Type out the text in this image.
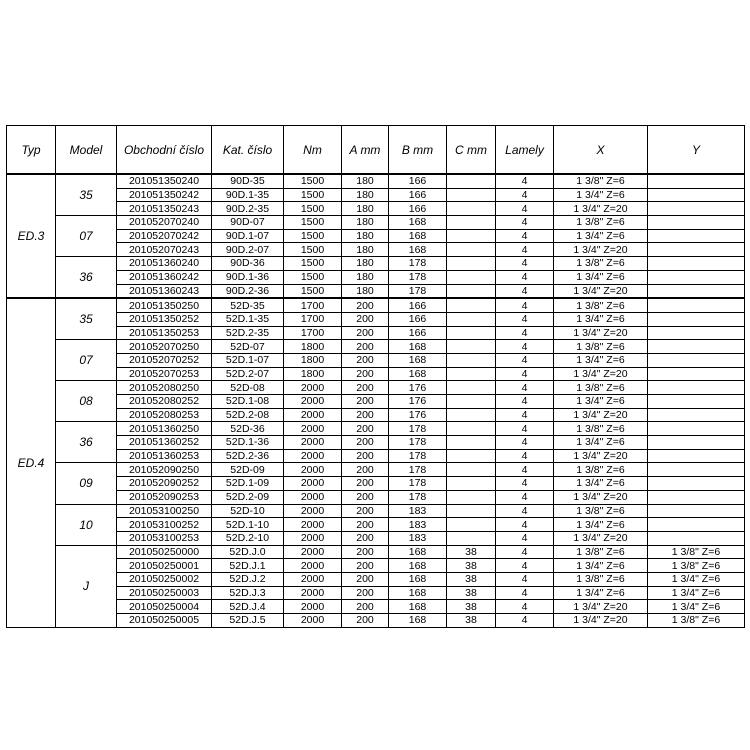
Typ	Model	Obchodní číslo	Kat. číslo	Nm	A mm	B mm	C mm	Lamely	X	Y
ED.3	35	201051350240	90D-35	1500	180	166		4	1 3/8" Z=6	
		201051350242	90D.1-35	1500	180	166		4	1 3/4" Z=6	
		201051350243	90D.2-35	1500	180	166		4	1 3/4" Z=20	
	07	201052070240	90D-07	1500	180	168		4	1 3/8" Z=6	
		201052070242	90D.1-07	1500	180	168		4	1 3/4" Z=6	
		201052070243	90D.2-07	1500	180	168		4	1 3/4" Z=20	
	36	201051360240	90D-36	1500	180	178		4	1 3/8" Z=6	
		201051360242	90D.1-36	1500	180	178		4	1 3/4" Z=6	
		201051360243	90D.2-36	1500	180	178		4	1 3/4" Z=20	
ED.4	35	201051350250	52D-35	1700	200	166		4	1 3/8" Z=6	
		201051350252	52D.1-35	1700	200	166		4	1 3/4" Z=6	
		201051350253	52D.2-35	1700	200	166		4	1 3/4" Z=20	
	07	201052070250	52D-07	1800	200	168		4	1 3/8" Z=6	
		201052070252	52D.1-07	1800	200	168		4	1 3/4" Z=6	
		201052070253	52D.2-07	1800	200	168		4	1 3/4" Z=20	
	08	201052080250	52D-08	2000	200	176		4	1 3/8" Z=6	
		201052080252	52D.1-08	2000	200	176		4	1 3/4" Z=6	
		201052080253	52D.2-08	2000	200	176		4	1 3/4" Z=20	
	36	201051360250	52D-36	2000	200	178		4	1 3/8" Z=6	
		201051360252	52D.1-36	2000	200	178		4	1 3/4" Z=6	
		201051360253	52D.2-36	2000	200	178		4	1 3/4" Z=20	
	09	201052090250	52D-09	2000	200	178		4	1 3/8" Z=6	
		201052090252	52D.1-09	2000	200	178		4	1 3/4" Z=6	
		201052090253	52D.2-09	2000	200	178		4	1 3/4" Z=20	
	10	201053100250	52D-10	2000	200	183		4	1 3/8" Z=6	
		201053100252	52D.1-10	2000	200	183		4	1 3/4" Z=6	
		201053100253	52D.2-10	2000	200	183		4	1 3/4" Z=20	
	J	201050250000	52D.J.0	2000	200	168	38	4	1 3/8" Z=6	1 3/8" Z=6
		201050250001	52D.J.1	2000	200	168	38	4	1 3/4" Z=6	1 3/8" Z=6
		201050250002	52D.J.2	2000	200	168	38	4	1 3/8" Z=6	1 3/4" Z=6
		201050250003	52D.J.3	2000	200	168	38	4	1 3/4" Z=6	1 3/4" Z=6
		201050250004	52D.J.4	2000	200	168	38	4	1 3/4" Z=20	1 3/4" Z=6
		201050250005	52D.J.5	2000	200	168	38	4	1 3/4" Z=20	1 3/8" Z=6
